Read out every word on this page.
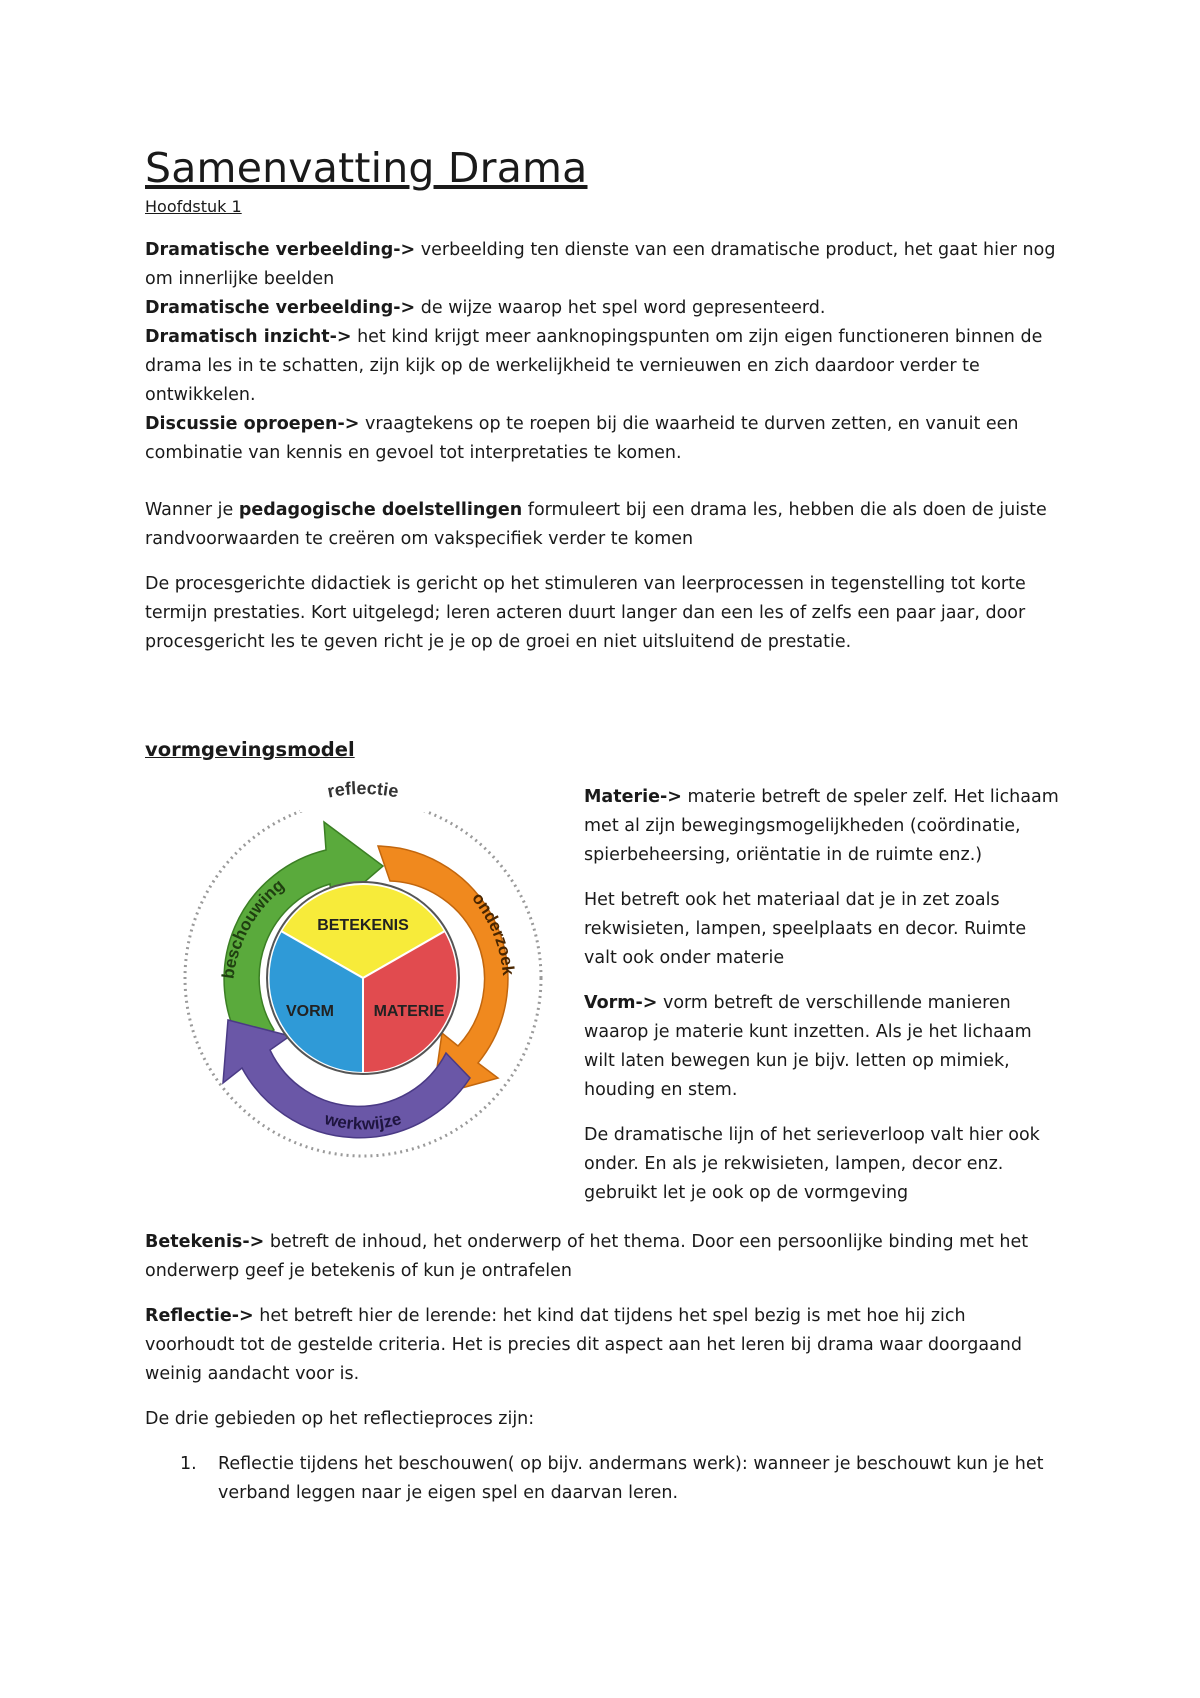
Samenvatting Drama
Hoofdstuk 1

Dramatische verbeelding-> verbeelding ten dienste van een dramatische product, het gaat hier nog om innerlijke beelden

Dramatische verbeelding-> de wijze waarop het spel word gepresenteerd.

Dramatisch inzicht-> het kind krijgt meer aanknopingspunten om zijn eigen functioneren binnen de drama les in te schatten, zijn kijk op de werkelijkheid te vernieuwen en zich daardoor verder te ontwikkelen.

Discussie oproepen-> vraagtekens op te roepen bij die waarheid te durven zetten, en vanuit een combinatie van kennis en gevoel tot interpretaties te komen.

Wanner je pedagogische doelstellingen formuleert bij een drama les, hebben die als doen de juiste randvoorwaarden te creëren om vakspecifiek verder te komen

De procesgerichte didactiek is gericht op het stimuleren van leerprocessen in tegenstelling tot korte termijn prestaties. Kort uitgelegd; leren acteren duurt langer dan een les of zelfs een paar jaar, door procesgericht les te geven richt je je op de groei en niet uitsluitend de prestatie.

vormgevingsmodel
reflectie
beschouwing
onderzoek
werkwijze
BETEKENIS
VORM MATERIE

Materie-> materie betreft de speler zelf. Het lichaam met al zijn bewegingsmogelijkheden (coördinatie, spierbeheersing, oriëntatie in de ruimte enz.)

Het betreft ook het materiaal dat je in zet zoals rekwisieten, lampen, speelplaats en decor. Ruimte valt ook onder materie

Vorm-> vorm betreft de verschillende manieren waarop je materie kunt inzetten. Als je het lichaam wilt laten bewegen kun je bijv. letten op mimiek, houding en stem.

De dramatische lijn of het serieverloop valt hier ook onder. En als je rekwisieten, lampen, decor enz. gebruikt let je ook op de vormgeving

Betekenis-> betreft de inhoud, het onderwerp of het thema. Door een persoonlijke binding met het onderwerp geef je betekenis of kun je ontrafelen

Reflectie-> het betreft hier de lerende: het kind dat tijdens het spel bezig is met hoe hij zich voorhoudt tot de gestelde criteria. Het is precies dit aspect aan het leren bij drama waar doorgaand weinig aandacht voor is.

De drie gebieden op het reflectieproces zijn:

1. Reflectie tijdens het beschouwen( op bijv. andermans werk): wanneer je beschouwt kun je het verband leggen naar je eigen spel en daarvan leren.
